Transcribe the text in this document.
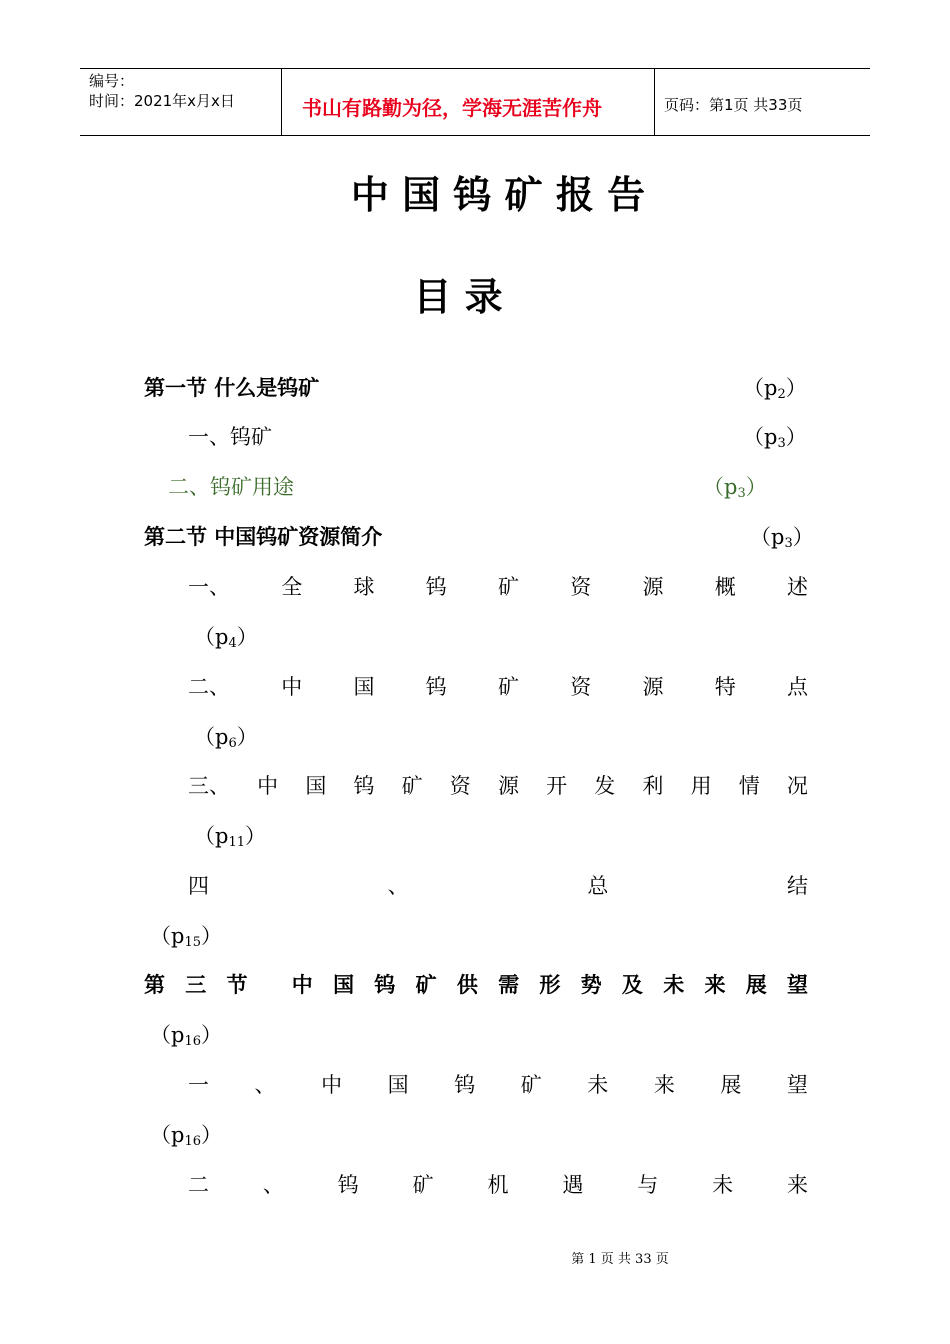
编号：
时间：2021年x月x日	书山有路勤为径，学海无涯苦作舟	页码：第1页 共33页
中 国 钨 矿 报 告
目 录
第一节 什么是钨矿	$(p_2)$
一、钨矿	$(p_3)$
二、钨矿用途	$(p_3)$
第二节 中国钨矿资源简介	$(p_3)$
一、 全 球 钨 矿 资 源 概 述
$(p_4)$
二、 中 国 钨 矿 资 源 特 点
$(p_6)$
三、 中 国 钨 矿 资 源 开 发 利 用 情 况
$(p_{11})$
四	、	总	结
$(p_{15})$
第 三 节 中 国 钨 矿 供 需 形 势 及 未 来 展 望
$(p_{16})$
一 、 中 国 钨 矿 未 来 展 望
$(p_{16})$
二	、	钨	矿	机	遇	与	未	来
第 1 页 共 33 页
